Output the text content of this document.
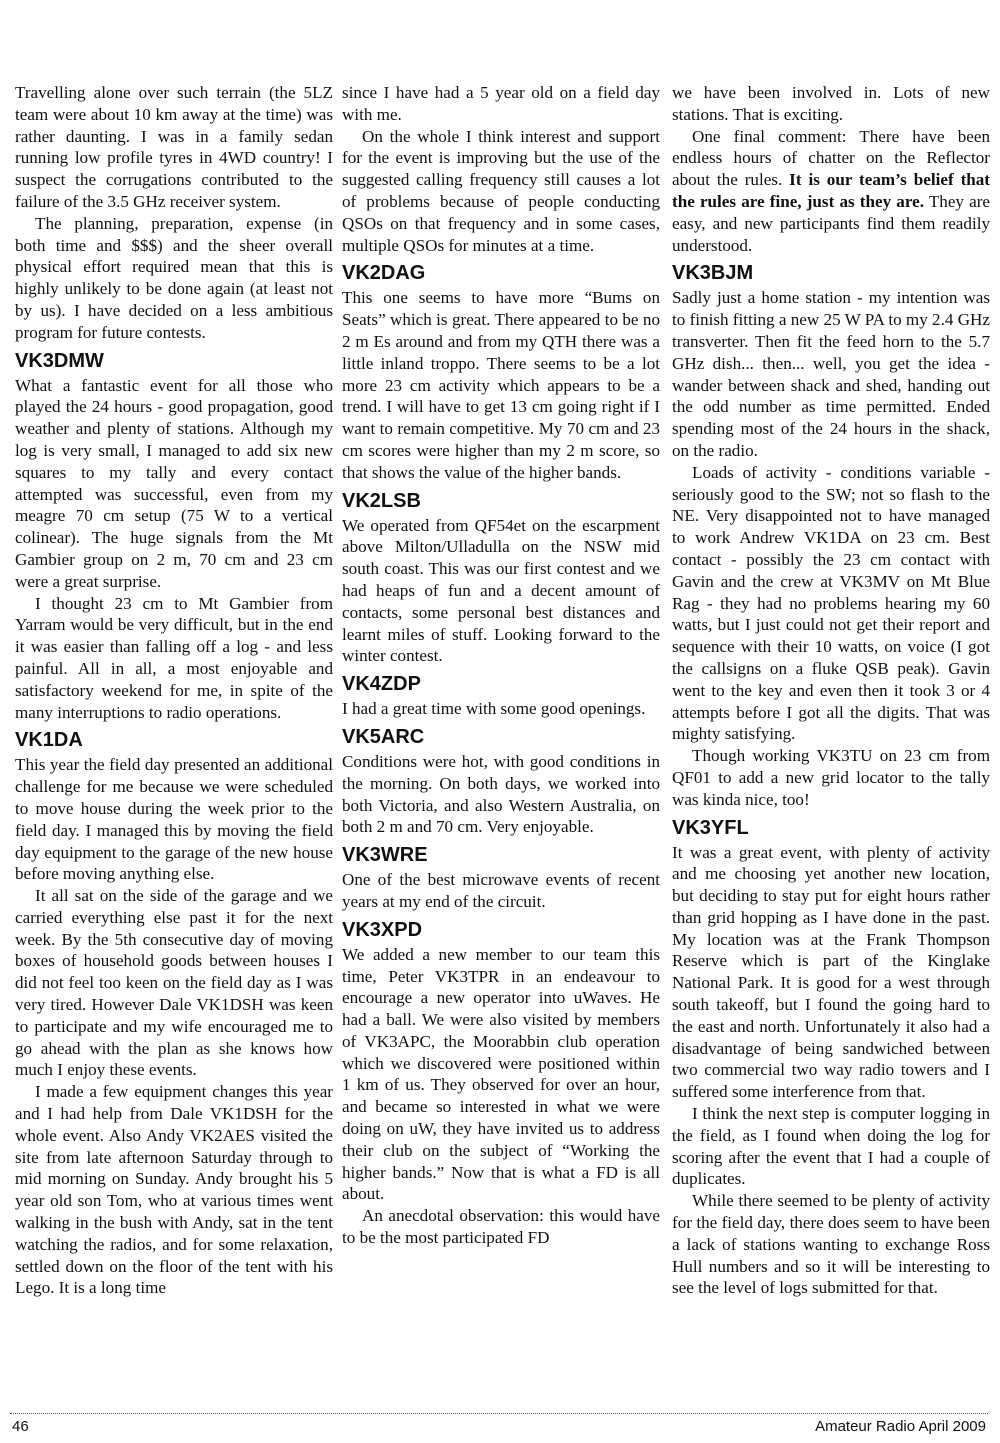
Travelling alone over such terrain (the 5LZ team were about 10 km away at the time) was rather daunting. I was in a family sedan running low profile tyres in 4WD country! I suspect the corrugations contributed to the failure of the 3.5 GHz receiver system.

The planning, preparation, expense (in both time and $$$) and the sheer overall physical effort required mean that this is highly unlikely to be done again (at least not by us). I have decided on a less ambitious program for future contests.

VK3DMW

What a fantastic event for all those who played the 24 hours - good propagation, good weather and plenty of stations. Although my log is very small, I managed to add six new squares to my tally and every contact attempted was successful, even from my meagre 70 cm setup (75 W to a vertical colinear). The huge signals from the Mt Gambier group on 2 m, 70 cm and 23 cm were a great surprise.

I thought 23 cm to Mt Gambier from Yarram would be very difficult, but in the end it was easier than falling off a log - and less painful. All in all, a most enjoyable and satisfactory weekend for me, in spite of the many interruptions to radio operations.

VK1DA

This year the field day presented an additional challenge for me because we were scheduled to move house during the week prior to the field day. I managed this by moving the field day equipment to the garage of the new house before moving anything else.

It all sat on the side of the garage and we carried everything else past it for the next week. By the 5th consecutive day of moving boxes of household goods between houses I did not feel too keen on the field day as I was very tired. However Dale VK1DSH was keen to participate and my wife encouraged me to go ahead with the plan as she knows how much I enjoy these events.

I made a few equipment changes this year and I had help from Dale VK1DSH for the whole event. Also Andy VK2AES visited the site from late afternoon Saturday through to mid morning on Sunday. Andy brought his 5 year old son Tom, who at various times went walking in the bush with Andy, sat in the tent watching the radios, and for some relaxation, settled down on the floor of the tent with his Lego. It is a long time

since I have had a 5 year old on a field day with me.

On the whole I think interest and support for the event is improving but the use of the suggested calling frequency still causes a lot of problems because of people conducting QSOs on that frequency and in some cases, multiple QSOs for minutes at a time.

VK2DAG

This one seems to have more “Bums on Seats” which is great. There appeared to be no 2 m Es around and from my QTH there was a little inland troppo. There seems to be a lot more 23 cm activity which appears to be a trend. I will have to get 13 cm going right if I want to remain competitive. My 70 cm and 23 cm scores were higher than my 2 m score, so that shows the value of the higher bands.

VK2LSB

We operated from QF54et on the escarpment above Milton/Ulladulla on the NSW mid south coast. This was our first contest and we had heaps of fun and a decent amount of contacts, some personal best distances and learnt miles of stuff. Looking forward to the winter contest.

VK4ZDP

I had a great time with some good openings.

VK5ARC

Conditions were hot, with good conditions in the morning. On both days, we worked into both Victoria, and also Western Australia, on both 2 m and 70 cm. Very enjoyable.

VK3WRE

One of the best microwave events of recent years at my end of the circuit.

VK3XPD

We added a new member to our team this time, Peter VK3TPR in an endeavour to encourage a new operator into uWaves. He had a ball. We were also visited by members of VK3APC, the Moorabbin club operation which we discovered were positioned within 1 km of us. They observed for over an hour, and became so interested in what we were doing on uW, they have invited us to address their club on the subject of “Working the higher bands.” Now that is what a FD is all about.

An anecdotal observation: this would have to be the most participated FD

we have been involved in. Lots of new stations. That is exciting.

One final comment: There have been endless hours of chatter on the Reflector about the rules. It is our team’s belief that the rules are fine, just as they are. They are easy, and new participants find them readily understood.

VK3BJM

Sadly just a home station - my intention was to finish fitting a new 25 W PA to my 2.4 GHz transverter. Then fit the feed horn to the 5.7 GHz dish... then... well, you get the idea - wander between shack and shed, handing out the odd number as time permitted. Ended spending most of the 24 hours in the shack, on the radio.

Loads of activity - conditions variable - seriously good to the SW; not so flash to the NE. Very disappointed not to have managed to work Andrew VK1DA on 23 cm. Best contact - possibly the 23 cm contact with Gavin and the crew at VK3MV on Mt Blue Rag - they had no problems hearing my 60 watts, but I just could not get their report and sequence with their 10 watts, on voice (I got the callsigns on a fluke QSB peak). Gavin went to the key and even then it took 3 or 4 attempts before I got all the digits. That was mighty satisfying.

Though working VK3TU on 23 cm from QF01 to add a new grid locator to the tally was kinda nice, too!

VK3YFL

It was a great event, with plenty of activity and me choosing yet another new location, but deciding to stay put for eight hours rather than grid hopping as I have done in the past. My location was at the Frank Thompson Reserve which is part of the Kinglake National Park. It is good for a west through south takeoff, but I found the going hard to the east and north. Unfortunately it also had a disadvantage of being sandwiched between two commercial two way radio towers and I suffered some interference from that.

I think the next step is computer logging in the field, as I found when doing the log for scoring after the event that I had a couple of duplicates.

While there seemed to be plenty of activity for the field day, there does seem to have been a lack of stations wanting to exchange Ross Hull numbers and so it will be interesting to see the level of logs submitted for that.

46	Amateur Radio April 2009
